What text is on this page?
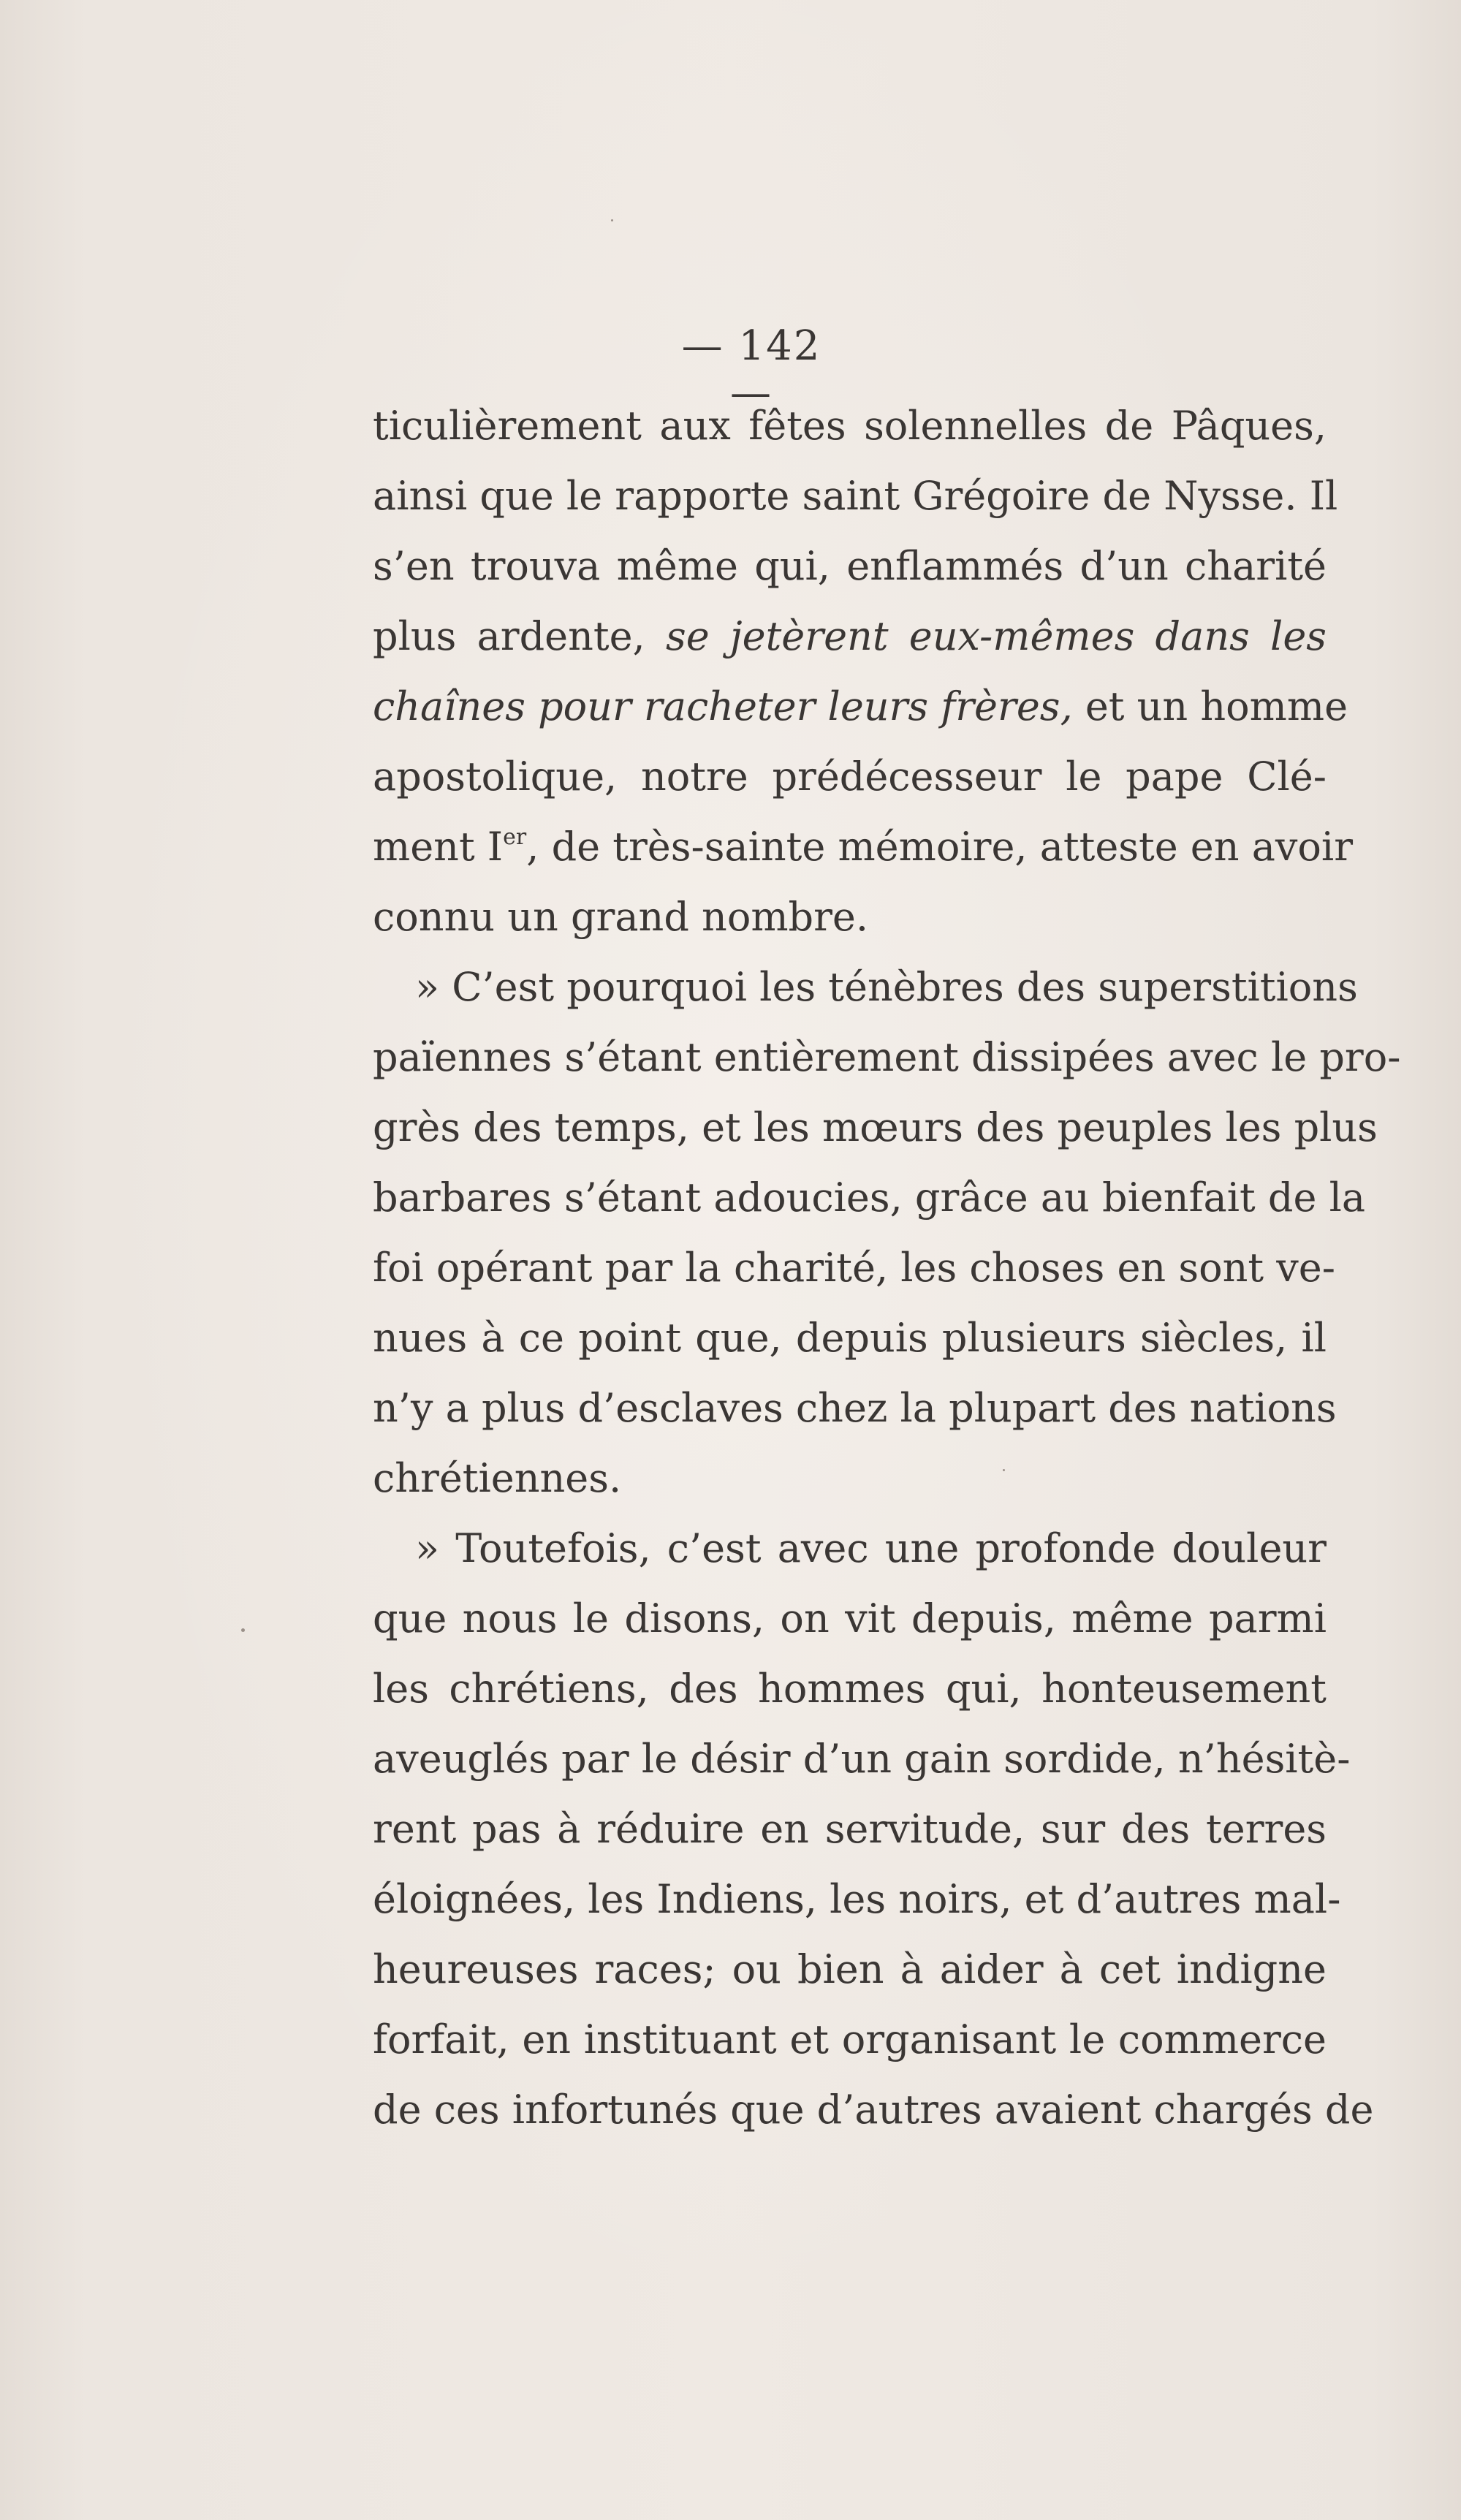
— 142 —
ticulièrement aux fêtes solennelles de Pâques,
ainsi que le rapporte saint Grégoire de Nysse. Il
s’en trouva même qui, enflammés d’un charité
plus ardente, se jetèrent eux-mêmes dans les
chaînes pour racheter leurs frères, et un homme
apostolique, notre prédécesseur le pape Clé-
ment Ier, de très-sainte mémoire, atteste en avoir
connu un grand nombre.
» C’est pourquoi les ténèbres des superstitions
païennes s’étant entièrement dissipées avec le pro-
grès des temps, et les mœurs des peuples les plus
barbares s’étant adoucies, grâce au bienfait de la
foi opérant par la charité, les choses en sont ve-
nues à ce point que, depuis plusieurs siècles, il
n’y a plus d’esclaves chez la plupart des nations
chrétiennes.
» Toutefois, c’est avec une profonde douleur
que nous le disons, on vit depuis, même parmi
les chrétiens, des hommes qui, honteusement
aveuglés par le désir d’un gain sordide, n’hésitè-
rent pas à réduire en servitude, sur des terres
éloignées, les Indiens, les noirs, et d’autres mal-
heureuses races; ou bien à aider à cet indigne
forfait, en instituant et organisant le commerce
de ces infortunés que d’autres avaient chargés de
